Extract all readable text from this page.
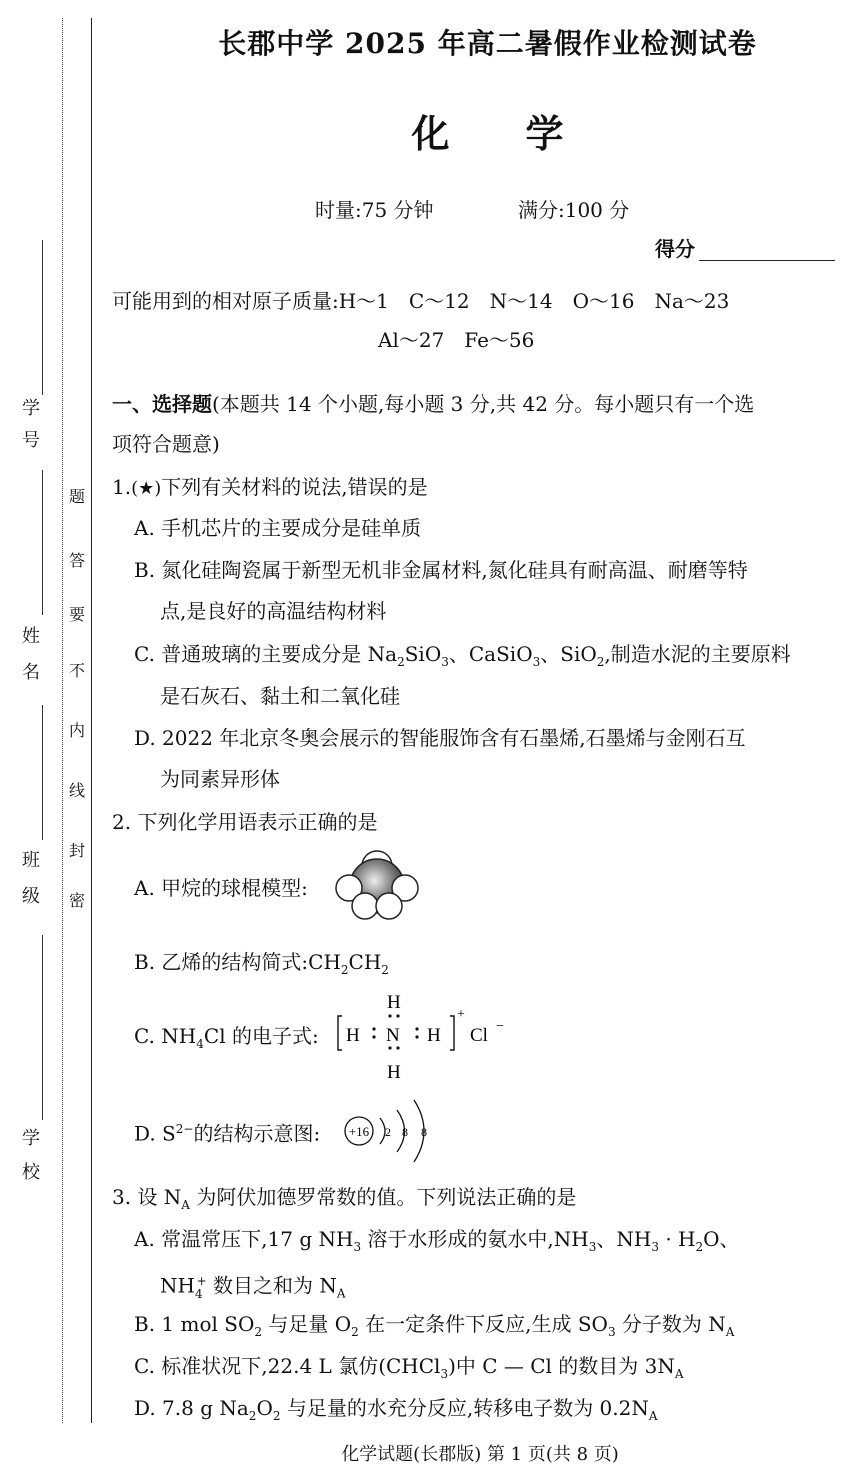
学
号
姓
名
班
级
学
校
题
答
要
不
内
线
封
密
长郡中学 2025 年高二暑假作业检测试卷
化　　学
时量:75 分钟	满分:100 分
得分
可能用到的相对原子质量:H～1　C～12　N～14　O～16　Na～23
Al～27　Fe～56
一、选择题(本题共 14 个小题,每小题 3 分,共 42 分。每小题只有一个选
项符合题意)
1.(★)下列有关材料的说法,错误的是
A. 手机芯片的主要成分是硅单质
B. 氮化硅陶瓷属于新型无机非金属材料,氮化硅具有耐高温、耐磨等特
点,是良好的高温结构材料
C. 普通玻璃的主要成分是 $Na_2SiO_3$、CaSiO$_3$、SiO$_2$,制造水泥的主要原料
是石灰石、黏土和二氧化硅
D. 2022 年北京冬奥会展示的智能服饰含有石墨烯,石墨烯与金刚石互
为同素异形体
2. 下列化学用语表示正确的是
A. 甲烷的球棍模型:
B. 乙烯的结构简式$:CH_2CH_2$
C. $NH_4Cl$ 的电子式: H N H
H
H
+
Cl −
D. $S^{2-}$的结构示意图: +16 2 8 8
3. 设 $N_A$ 为阿伏加德罗常数的值。下列说法正确的是
A. 常温常压下,17 g $NH_3$ 溶于水形成的氨水中$,NH_3$、$NH_3 \cdot H_2O$、
$NH_4^+$ 数目之和为 $N_A$
B. 1 mol $SO_2$ 与足量 $O_2$ 在一定条件下反应,生成 $SO_3$ 分子数为 $N_A$
C. 标准状况下,22.4 L 氯仿(CHCl$_3$)中 C — Cl 的数目为 $3N_A$
D. 7.8 g $Na_2O_2$ 与足量的水充分反应,转移电子数为 $0.2N_A$
化学试题(长郡版) 第 1 页(共 8 页)
